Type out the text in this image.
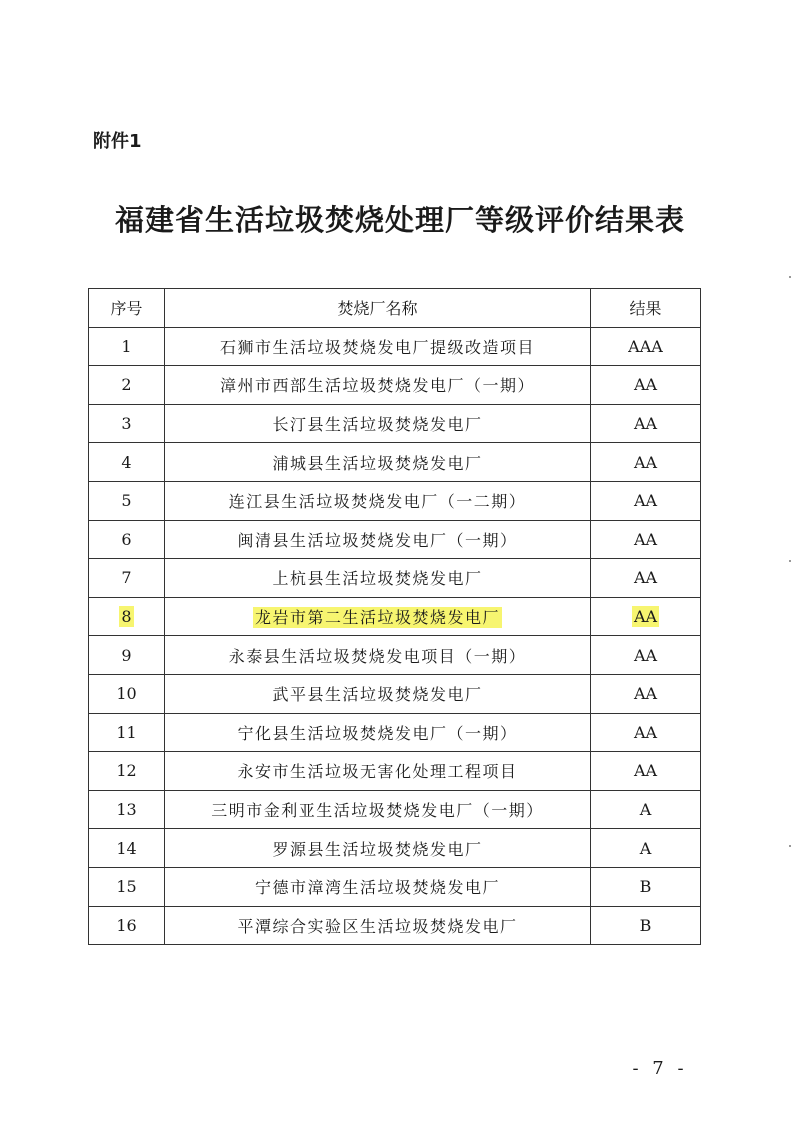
附件1
福建省生活垃圾焚烧处理厂等级评价结果表
序号	焚烧厂名称	结果
1	石狮市生活垃圾焚烧发电厂提级改造项目	AAA
2	漳州市西部生活垃圾焚烧发电厂（一期）	AA
3	长汀县生活垃圾焚烧发电厂	AA
4	浦城县生活垃圾焚烧发电厂	AA
5	连江县生活垃圾焚烧发电厂（一二期）	AA
6	闽清县生活垃圾焚烧发电厂（一期）	AA
7	上杭县生活垃圾焚烧发电厂	AA
8	龙岩市第二生活垃圾焚烧发电厂	AA
9	永泰县生活垃圾焚烧发电项目（一期）	AA
10	武平县生活垃圾焚烧发电厂	AA
11	宁化县生活垃圾焚烧发电厂（一期）	AA
12	永安市生活垃圾无害化处理工程项目	AA
13	三明市金利亚生活垃圾焚烧发电厂（一期）	A
14	罗源县生活垃圾焚烧发电厂	A
15	宁德市漳湾生活垃圾焚烧发电厂	B
16	平潭综合实验区生活垃圾焚烧发电厂	B
- 7 -
